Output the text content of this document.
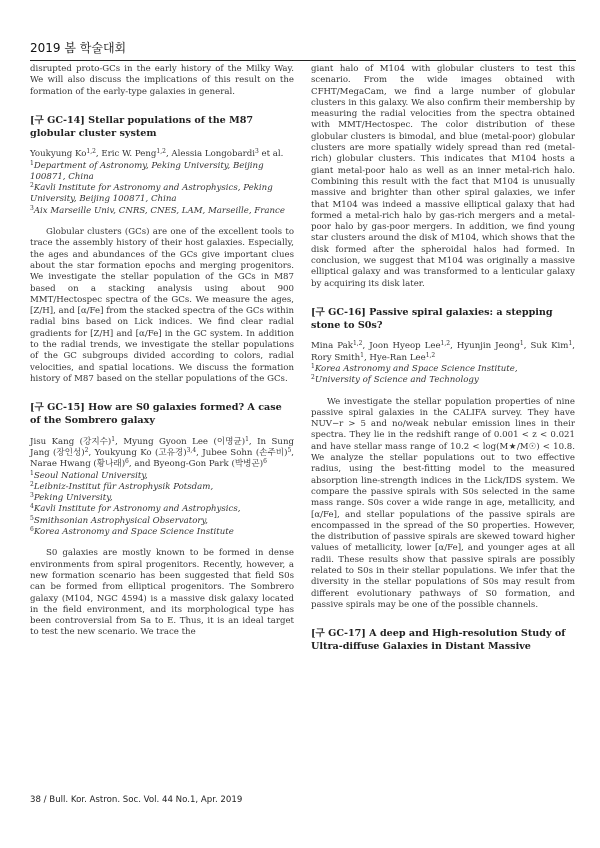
2019 봄 학술대회

disrupted proto-GCs in the early history of the Milky Way. We will also discuss the implications of this result on the formation of the early-type galaxies in general.

[구 GC-14] Stellar populations of the M87 globular cluster system

Youkyung Ko$^{1,2}$, Eric W. Peng$^{1,2}$, Alessia Longobardi$^3$ et al.

$^1$Department of Astronomy, Peking University, Beijing 100871, China
$^2$Kavli Institute for Astronomy and Astrophysics, Peking University, Beijing 100871, China
$^3$Aix Marseille Univ, CNRS, CNES, LAM, Marseille, France

Globular clusters (GCs) are one of the excellent tools to trace the assembly history of their host galaxies. Especially, the ages and abundances of the GCs give important clues about the star formation epochs and merging progenitors. We investigate the stellar population of the GCs in M87 based on a stacking analysis using about 900 MMT/Hectospec spectra of the GCs. We measure the ages, [Z/H], and [α/Fe] from the stacked spectra of the GCs within radial bins based on Lick indices. We find clear radial gradients for [Z/H] and [α/Fe] in the GC system. In addition to the radial trends, we investigate the stellar populations of the GC subgroups divided according to colors, radial velocities, and spatial locations. We discuss the formation history of M87 based on the stellar populations of the GCs.

[구 GC-15] How are S0 galaxies formed? A case of the Sombrero galaxy

Jisu Kang (강지수)$^1$, Myung Gyoon Lee (이명균)$^1$, In Sung Jang (장인성)$^2$, Youkyung Ko (고유경)$^{3,4}$, Jubee Sohn (손주비)$^5$, Narae Hwang (황나래)$^6$, and Byeong-Gon Park (박병곤)$^6$

$^1$Seoul National University,
$^2$Leibniz-Institut für Astrophysik Potsdam,
$^3$Peking University,
$^4$Kavli Institute for Astronomy and Astrophysics,
$^5$Smithsonian Astrophysical Observatory,
$^6$Korea Astronomy and Space Science Institute

S0 galaxies are mostly known to be formed in dense environments from spiral progenitors. Recently, however, a new formation scenario has been suggested that field S0s can be formed from elliptical progenitors. The Sombrero galaxy (M104, NGC 4594) is a massive disk galaxy located in the field environment, and its morphological type has been controversial from Sa to E. Thus, it is an ideal target to test the new scenario. We trace the

giant halo of M104 with globular clusters to test this scenario. From the wide images obtained with CFHT/MegaCam, we find a large number of globular clusters in this galaxy. We also confirm their membership by measuring the radial velocities from the spectra obtained with MMT/Hectospec. The color distribution of these globular clusters is bimodal, and blue (metal-poor) globular clusters are more spatially widely spread than red (metal-rich) globular clusters. This indicates that M104 hosts a giant metal-poor halo as well as an inner metal-rich halo. Combining this result with the fact that M104 is unusually massive and brighter than other spiral galaxies, we infer that M104 was indeed a massive elliptical galaxy that had formed a metal-rich halo by gas-rich mergers and a metal-poor halo by gas-poor mergers. In addition, we find young star clusters around the disk of M104, which shows that the disk formed after the spheroidal halos had formed. In conclusion, we suggest that M104 was originally a massive elliptical galaxy and was transformed to a lenticular galaxy by acquiring its disk later.

[구 GC-16] Passive spiral galaxies: a stepping stone to S0s?

Mina Pak$^{1,2}$, Joon Hyeop Lee$^{1,2}$, Hyunjin Jeong$^1$, Suk Kim$^1$, Rory Smith$^1$, Hye-Ran Lee$^{1,2}$

$^1$Korea Astronomy and Space Science Institute,
$^2$University of Science and Technology

We investigate the stellar population properties of nine passive spiral galaxies in the CALIFA survey. They have NUV−r > 5 and no/weak nebular emission lines in their spectra. They lie in the redshift range of 0.001 < z < 0.021 and have stellar mass range of 10.2 < log(M★/M☉) < 10.8. We analyze the stellar populations out to two effective radius, using the best-fitting model to the measured absorption line-strength indices in the Lick/IDS system. We compare the passive spirals with S0s selected in the same mass range. S0s cover a wide range in age, metallicity, and [α/Fe], and stellar populations of the passive spirals are encompassed in the spread of the S0 properties. However, the distribution of passive spirals are skewed toward higher values of metallicity, lower [α/Fe], and younger ages at all radii. These results show that passive spirals are possibly related to S0s in their stellar populations. We infer that the diversity in the stellar populations of S0s may result from different evolutionary pathways of S0 formation, and passive spirals may be one of the possible channels.

[구 GC-17] A deep and High-resolution Study of Ultra-diffuse Galaxies in Distant Massive
38 / Bull. Kor. Astron. Soc. Vol. 44 No.1, Apr. 2019
